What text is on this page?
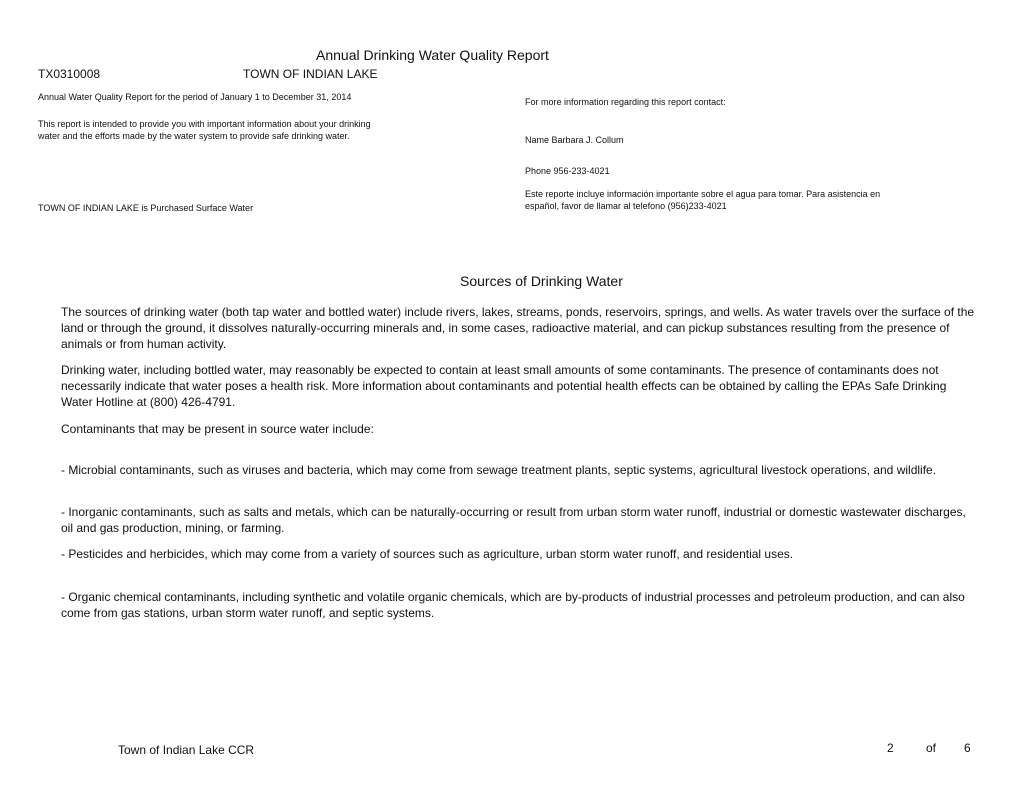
Annual Drinking Water Quality Report
TX0310008	TOWN OF INDIAN LAKE
Annual Water Quality Report for the period of January 1 to December 31, 2014
This report is intended to provide you with important information about your drinking water and the efforts made by the water system to provide safe drinking water.
TOWN OF INDIAN LAKE is Purchased Surface Water
For more information regarding this report contact:
Name Barbara J. Collum
Phone 956-233-4021
Este reporte incluye información importante sobre el agua para tomar. Para asistencia en español, favor de llamar al telefono (956)233-4021
Sources of Drinking Water
The sources of drinking water (both tap water and bottled water) include rivers, lakes, streams, ponds, reservoirs, springs, and wells. As water travels over the surface of the land or through the ground, it dissolves naturally-occurring minerals and, in some cases, radioactive material, and can pickup substances resulting from the presence of animals or from human activity.
Drinking water, including bottled water, may reasonably be expected to contain at least small amounts of some contaminants. The presence of contaminants does not necessarily indicate that water poses a health risk. More information about contaminants and potential health effects can be obtained by calling the EPAs Safe Drinking Water Hotline at (800) 426-4791.
Contaminants that may be present in source water include:
- Microbial contaminants, such as viruses and bacteria, which may come from sewage treatment plants, septic systems, agricultural livestock operations, and wildlife.
- Inorganic contaminants, such as salts and metals, which can be naturally-occurring or result from urban storm water runoff, industrial or domestic wastewater discharges, oil and gas production, mining, or farming.
- Pesticides and herbicides, which may come from a variety of sources such as agriculture, urban storm water runoff, and residential uses.
- Organic chemical contaminants, including synthetic and volatile organic chemicals, which are by-products of industrial processes and petroleum production, and can also come from gas stations, urban storm water runoff, and septic systems.
Town of Indian Lake CCR	2	of 6
